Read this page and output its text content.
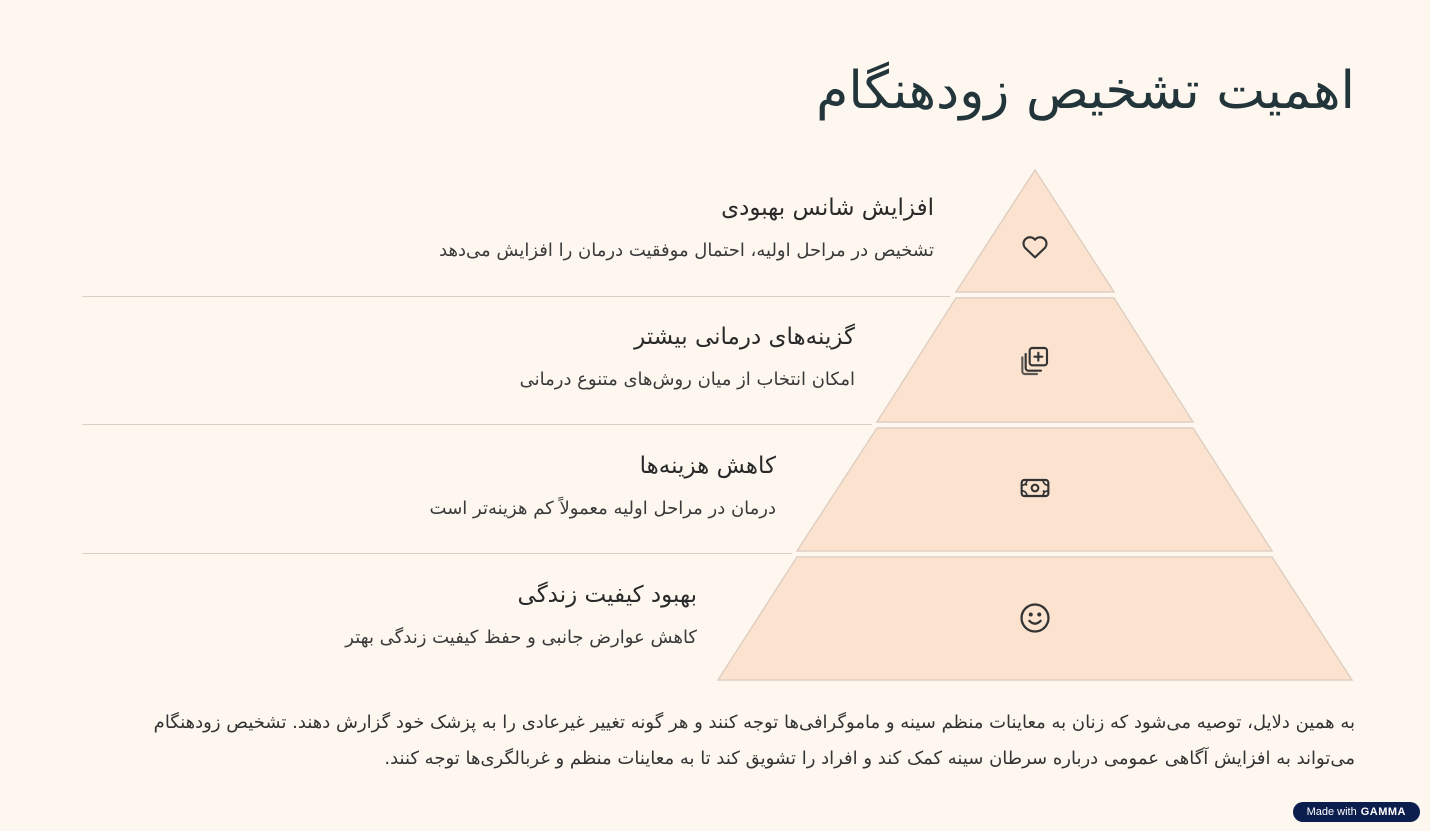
اهمیت تشخیص زودهنگام
افزایش شانس بهبودی
تشخیص در مراحل اولیه، احتمال موفقیت درمان را افزایش می‌دهد
گزینه‌های درمانی بیشتر
امکان انتخاب از میان روش‌های متنوع درمانی
کاهش هزینه‌ها
درمان در مراحل اولیه معمولاً کم هزینه‌تر است
بهبود کیفیت زندگی
کاهش عوارض جانبی و حفظ کیفیت زندگی بهتر

به همین دلایل، توصیه می‌شود که زنان به معاینات منظم سینه و ماموگرافی‌ها توجه کنند و هر گونه تغییر غیرعادی را به پزشک خود گزارش دهند. تشخیص زودهنگام می‌تواند به افزایش آگاهی عمومی درباره سرطان سینه کمک کند و افراد را تشویق کند تا به معاینات منظم و غربالگری‌ها توجه کنند.

Made with GAMMA
